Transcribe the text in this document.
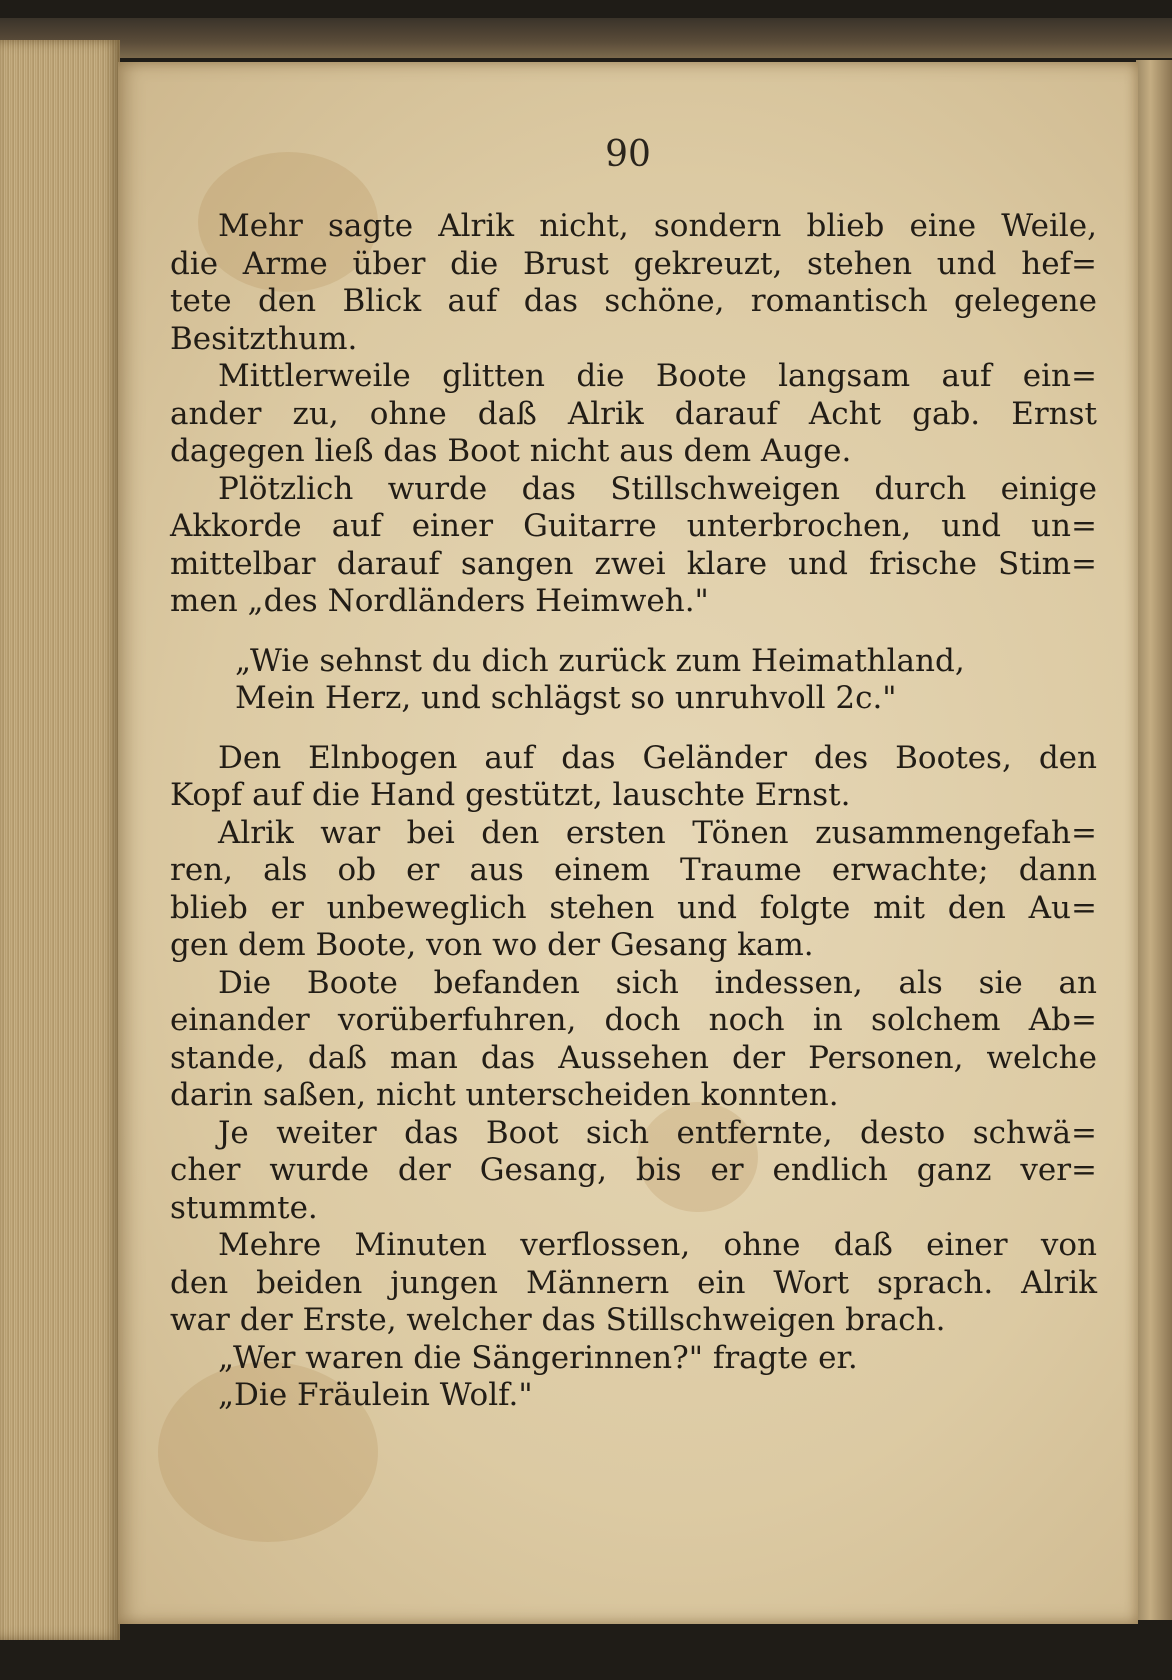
90
Mehr sagte Alrik nicht, sondern blieb eine Weile,
die Arme über die Brust gekreuzt, stehen und hef=
tete den Blick auf das schöne, romantisch gelegene
Besitzthum.
Mittlerweile glitten die Boote langsam auf ein=
ander zu, ohne daß Alrik darauf Acht gab. Ernst
dagegen ließ das Boot nicht aus dem Auge.
Plötzlich wurde das Stillschweigen durch einige
Akkorde auf einer Guitarre unterbrochen, und un=
mittelbar darauf sangen zwei klare und frische Stim=
men „des Nordländers Heimweh."
„Wie sehnst du dich zurück zum Heimathland,
Mein Herz, und schlägst so unruhvoll 2c."
Den Elnbogen auf das Geländer des Bootes, den
Kopf auf die Hand gestützt, lauschte Ernst.
Alrik war bei den ersten Tönen zusammengefah=
ren, als ob er aus einem Traume erwachte; dann
blieb er unbeweglich stehen und folgte mit den Au=
gen dem Boote, von wo der Gesang kam.
Die Boote befanden sich indessen, als sie an
einander vorüberfuhren, doch noch in solchem Ab=
stande, daß man das Aussehen der Personen, welche
darin saßen, nicht unterscheiden konnten.
Je weiter das Boot sich entfernte, desto schwä=
cher wurde der Gesang, bis er endlich ganz ver=
stummte.
Mehre Minuten verflossen, ohne daß einer von
den beiden jungen Männern ein Wort sprach. Alrik
war der Erste, welcher das Stillschweigen brach.
„Wer waren die Sängerinnen?" fragte er.
„Die Fräulein Wolf."
